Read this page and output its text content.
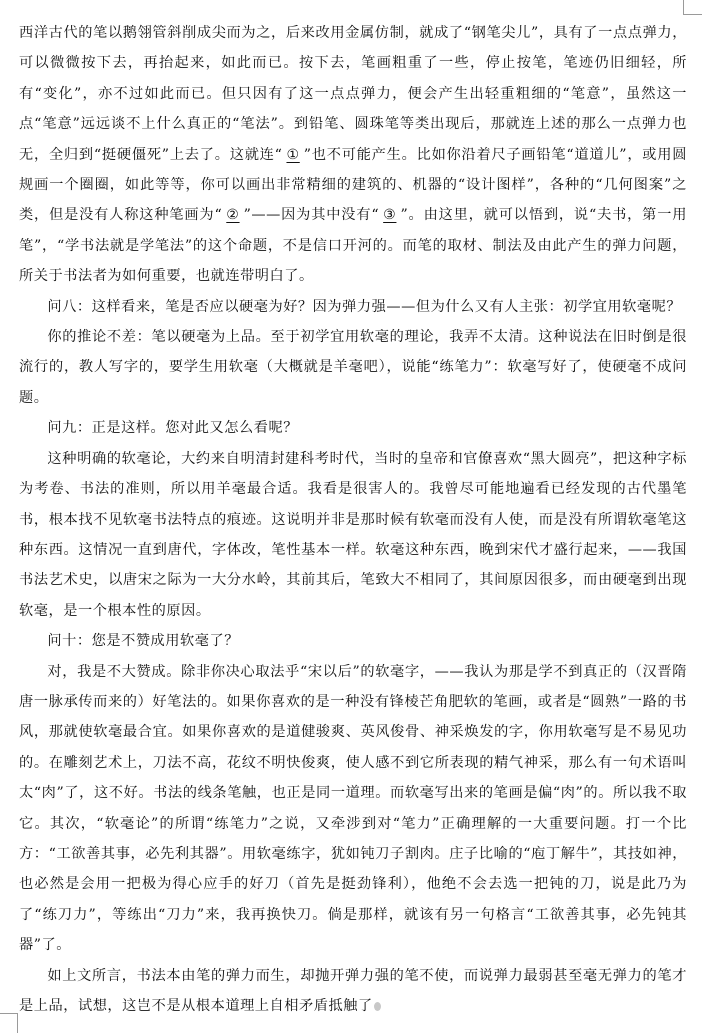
西洋古代的笔以鹅翎管斜削成尖而为之，后来改用金属仿制，就成了“钢笔尖儿”，具有了一点点弹力，可以微微按下去，再抬起来，如此而已。按下去，笔画粗重了一些，停止按笔，笔迹仍旧细轻，所有“变化”，亦不过如此而已。但只因有了这一点点弹力，便会产生出轻重粗细的“笔意”，虽然这一点“笔意”远远谈不上什么真正的“笔法”。到铅笔、圆珠笔等类出现后，那就连上述的那么一点弹力也无，全归到“挺硬僵死”上去了。这就连“ ① ”也不可能产生。比如你沿着尺子画铅笔“道道儿”，或用圆规画一个圈圈，如此等等，你可以画出非常精细的建筑的、机器的“设计图样”，各种的“几何图案”之类，但是没有人称这种笔画为“ ② ”——因为其中没有“ ③ ”。由这里，就可以悟到，说“夫书，第一用笔”，“学书法就是学笔法”的这个命题，不是信口开河的。而笔的取材、制法及由此产生的弹力问题，所关于书法者为如何重要，也就连带明白了。

问八：这样看来，笔是否应以硬毫为好？因为弹力强——但为什么又有人主张：初学宜用软毫呢？

你的推论不差：笔以硬毫为上品。至于初学宜用软毫的理论，我弄不太清。这种说法在旧时倒是很流行的，教人写字的，要学生用软毫（大概就是羊毫吧），说能“练笔力”：软毫写好了，使硬毫不成问题。

问九：正是这样。您对此又怎么看呢？

这种明确的软毫论，大约来自明清封建科考时代，当时的皇帝和官僚喜欢“黑大圆亮”，把这种字标为考卷、书法的准则，所以用羊毫最合适。我看是很害人的。我曾尽可能地遍看已经发现的古代墨笔书，根本找不见软毫书法特点的痕迹。这说明并非是那时候有软毫而没有人使，而是没有所谓软毫笔这种东西。这情况一直到唐代，字体改，笔性基本一样。软毫这种东西，晚到宋代才盛行起来，——我国书法艺术史，以唐宋之际为一大分水岭，其前其后，笔致大不相同了，其间原因很多，而由硬毫到出现软毫，是一个根本性的原因。

问十：您是不赞成用软毫了？

对，我是不大赞成。除非你决心取法乎“宋以后”的软毫字，——我认为那是学不到真正的（汉晋隋唐一脉承传而来的）好笔法的。如果你喜欢的是一种没有锋棱芒角肥软的笔画，或者是“圆熟”一路的书风，那就使软毫最合宜。如果你喜欢的是道健骏爽、英风俊骨、神采焕发的字，你用软毫写是不易见功的。在雕刻艺术上，刀法不高，花纹不明快俊爽，使人感不到它所表现的精气神采，那么有一句术语叫太“肉”了，这不好。书法的线条笔触，也正是同一道理。而软毫写出来的笔画是偏“肉”的。所以我不取它。其次，“软毫论”的所谓“练笔力”之说，又牵涉到对“笔力”正确理解的一大重要问题。打一个比方：“工欲善其事，必先利其器”。用软毫练字，犹如钝刀子割肉。庄子比喻的“庖丁解牛”，其技如神，也必然是会用一把极为得心应手的好刀（首先是挺劲锋利），他绝不会去选一把钝的刀，说是此乃为了“练刀力”，等练出“刀力”来，我再换快刀。倘是那样，就该有另一句格言“工欲善其事，必先钝其器”了。

如上文所言，书法本由笔的弹力而生，却抛开弹力强的笔不使，而说弹力最弱甚至毫无弹力的笔才是上品，试想，这岂不是从根本道理上自相矛盾抵触了
